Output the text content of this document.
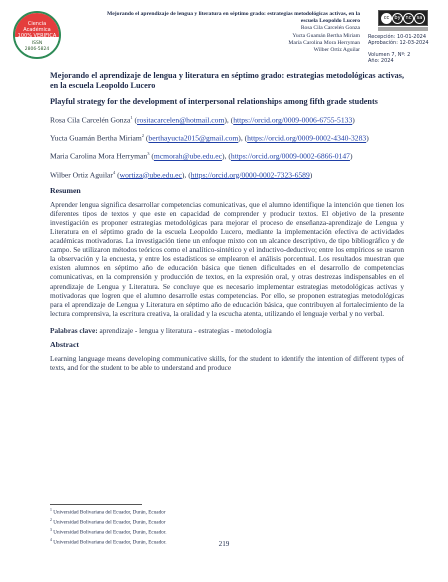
Ciencia
Académica
100% VERIFICA
ISSN
2806-5824
Mejorando el aprendizaje de lengua y literatura en séptimo grado: estrategias metodológicas activas, en la escuela Leopoldo Lucero
Rosa Cila Carcelén Gonza
Yucta Guamán Bertha Miriam
María Carolina Mora Herryman
Wilber Ortiz Aguilar
cc	by nc	sa
Recepción: 10-01-2024
Aprobación: 12-03-2024
Volumen 7, Nº: 2
Año: 2024
Mejorando el aprendizaje de lengua y literatura en séptimo grado: estrategias metodológicas activas, en la escuela Leopoldo Lucero
Playful strategy for the development of interpersonal relationships among fifth grade students
Rosa Cila Carcelén Gonza$^1$ (rositacarcelen@hotmail.com), (https://orcid.org/0009-0006-6755-5133)
Yucta Guamán Bertha Miriam$^2$ (berthayucta2015@gmail.com), (https://orcid.org/0009-0002-4340-3283)
Maria Carolina Mora Herryman$^3$ (mcmorah@ube.edu.ec), (https://orcid.org/0009-0002-6866-0147)
Wilber Ortiz Aguilar$^4$ (wortiza@ube.edu.ec), (https://orcid.org/0000-0002-7323-6589)
Resumen
Aprender lengua significa desarrollar competencias comunicativas, que el alumno identifique la intención que tienen los diferentes tipos de textos y que este en capacidad de comprender y producir textos. El objetivo de la presente investigación es proponer estrategias metodológicas para mejorar el proceso de enseñanza-aprendizaje de Lengua y Literatura en el séptimo grado de la escuela Leopoldo Lucero, mediante la implementación efectiva de actividades académicas motivadoras. La investigación tiene un enfoque mixto con un alcance descriptivo, de tipo bibliográfico y de campo. Se utilizaron métodos teóricos como el analítico-sintético y el inductivo-deductivo; entre los empíricos se usaron la observación y la encuesta, y entre los estadísticos se emplearon el análisis porcentual. Los resultados muestran que existen alumnos en séptimo año de educación básica que tienen dificultades en el desarrollo de competencias comunicativas, en la comprensión y producción de textos, en la expresión oral, y otras destrezas indispensables en el aprendizaje de Lengua y Literatura. Se concluye que es necesario implementar estrategias metodológicas activas y motivadoras que logren que el alumno desarrolle estas competencias. Por ello, se proponen estrategias metodológicas para el aprendizaje de Lengua y Literatura en séptimo año de educación básica, que contribuyen al fortalecimiento de la lectura comprensiva, la escritura creativa, la oralidad y la escucha atenta, utilizando el lenguaje verbal y no verbal.
Palabras clave: aprendizaje - lengua y literatura - estrategias - metodología
Abstract
Learning language means developing communicative skills, for the student to identify the intention of different types of texts, and for the student to be able to understand and produce
$^1$ Universidad Bolivariana del Ecuador, Durán, Ecuador
$^2$ Universidad Bolivariana del Ecuador, Durán, Ecuador
$^3$ Universidad Bolivariana del Ecuador, Durán, Ecuador.
$^4$ Universidad Bolivariana del Ecuador, Durán, Ecuador.	219
